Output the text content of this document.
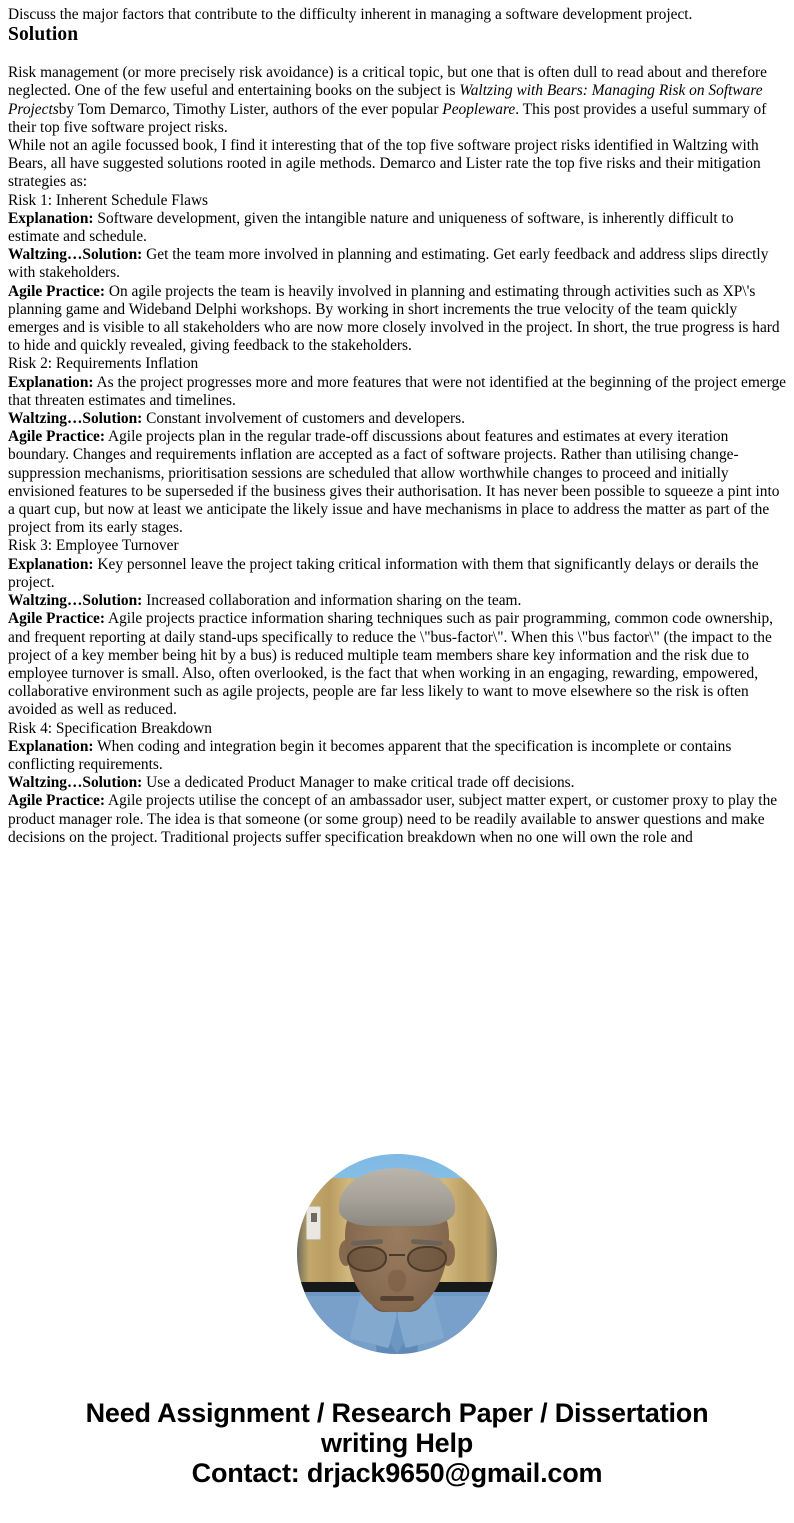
Discuss the major factors that contribute to the difficulty inherent in managing a software development project.

Solution

Risk management (or more precisely risk avoidance) is a critical topic, but one that is often dull to read about and therefore neglected. One of the few useful and entertaining books on the subject is Waltzing with Bears: Managing Risk on Software Projectsby Tom Demarco, Timothy Lister, authors of the ever popular Peopleware. This post provides a useful summary of their top five software project risks.

While not an agile focussed book, I find it interesting that of the top five software project risks identified in Waltzing with Bears, all have suggested solutions rooted in agile methods. Demarco and Lister rate the top five risks and their mitigation strategies as:

Risk 1: Inherent Schedule Flaws

Explanation: Software development, given the intangible nature and uniqueness of software, is inherently difficult to estimate and schedule.

Waltzing…Solution: Get the team more involved in planning and estimating. Get early feedback and address slips directly with stakeholders.

Agile Practice: On agile projects the team is heavily involved in planning and estimating through activities such as XP\'s planning game and Wideband Delphi workshops. By working in short increments the true velocity of the team quickly emerges and is visible to all stakeholders who are now more closely involved in the project. In short, the true progress is hard to hide and quickly revealed, giving feedback to the stakeholders.

Risk 2: Requirements Inflation

Explanation: As the project progresses more and more features that were not identified at the beginning of the project emerge that threaten estimates and timelines.

Waltzing…Solution: Constant involvement of customers and developers.

Agile Practice: Agile projects plan in the regular trade-off discussions about features and estimates at every iteration boundary. Changes and requirements inflation are accepted as a fact of software projects. Rather than utilising change-suppression mechanisms, prioritisation sessions are scheduled that allow worthwhile changes to proceed and initially envisioned features to be superseded if the business gives their authorisation. It has never been possible to squeeze a pint into a quart cup, but now at least we anticipate the likely issue and have mechanisms in place to address the matter as part of the project from its early stages.

Risk 3: Employee Turnover

Explanation: Key personnel leave the project taking critical information with them that significantly delays or derails the project.

Waltzing…Solution: Increased collaboration and information sharing on the team.

Agile Practice: Agile projects practice information sharing techniques such as pair programming, common code ownership, and frequent reporting at daily stand-ups specifically to reduce the \"bus-factor\". When this \"bus factor\" (the impact to the project of a key member being hit by a bus) is reduced multiple team members share key information and the risk due to employee turnover is small. Also, often overlooked, is the fact that when working in an engaging, rewarding, empowered, collaborative environment such as agile projects, people are far less likely to want to move elsewhere so the risk is often avoided as well as reduced.

Risk 4: Specification Breakdown

Explanation: When coding and integration begin it becomes apparent that the specification is incomplete or contains conflicting requirements.

Waltzing…Solution: Use a dedicated Product Manager to make critical trade off decisions.

Agile Practice: Agile projects utilise the concept of an ambassador user, subject matter expert, or customer proxy to play the product manager role. The idea is that someone (or some group) need to be readily available to answer questions and make decisions on the project. Traditional projects suffer specification breakdown when no one will own the role and

Need Assignment / Research Paper / Dissertation
writing Help
Contact: drjack9650@gmail.com
